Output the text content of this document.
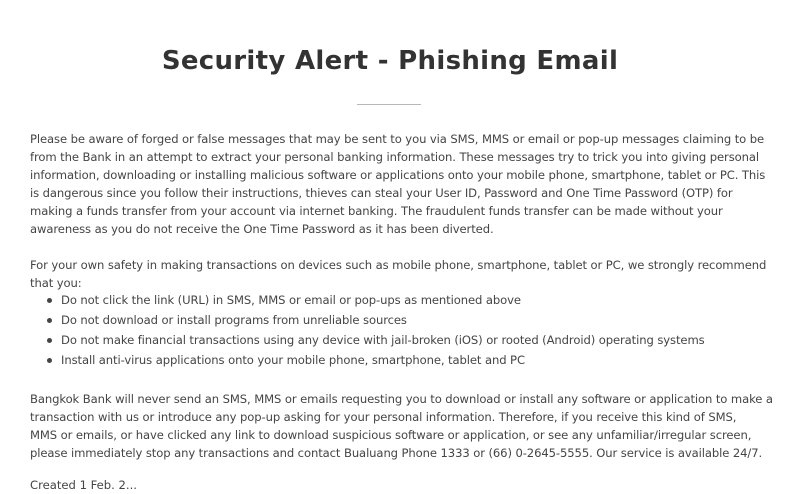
Security Alert - Phishing Email

Please be aware of forged or false messages that may be sent to you via SMS, MMS or email or pop-up messages claiming to be
from the Bank in an attempt to extract your personal banking information. These messages try to trick you into giving personal
information, downloading or installing malicious software or applications onto your mobile phone, smartphone, tablet or PC. This
is dangerous since you follow their instructions, thieves can steal your User ID, Password and One Time Password (OTP) for
making a funds transfer from your account via internet banking. The fraudulent funds transfer can be made without your
awareness as you do not receive the One Time Password as it has been diverted.

For your own safety in making transactions on devices such as mobile phone, smartphone, tablet or PC, we strongly recommend
that you:

Do not click the link (URL) in SMS, MMS or email or pop-ups as mentioned above
Do not download or install programs from unreliable sources
Do not make financial transactions using any device with jail-broken (iOS) or rooted (Android) operating systems
Install anti-virus applications onto your mobile phone, smartphone, tablet and PC

Bangkok Bank will never send an SMS, MMS or emails requesting you to download or install any software or application to make a
transaction with us or introduce any pop-up asking for your personal information. Therefore, if you receive this kind of SMS,
MMS or emails, or have clicked any link to download suspicious software or application, or see any unfamiliar/irregular screen,
please immediately stop any transactions and contact Bualuang Phone 1333 or (66) 0-2645-5555. Our service is available 24/7.

Created 1 Feb. 2...
